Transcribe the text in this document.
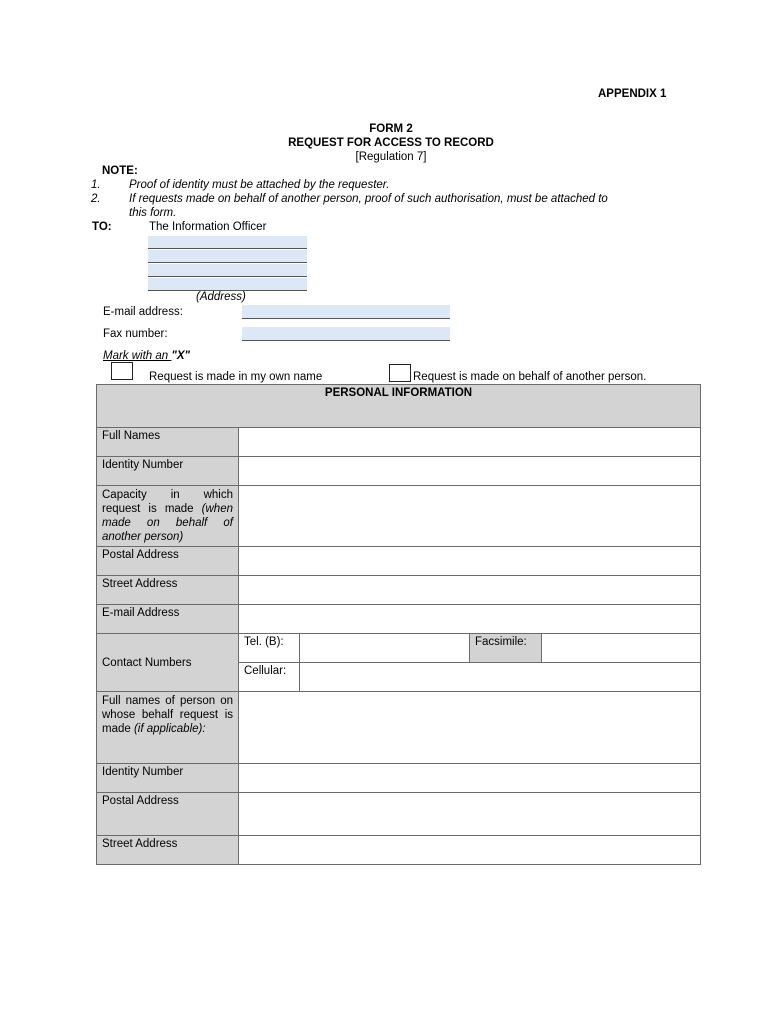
APPENDIX 1
FORM 2
REQUEST FOR ACCESS TO RECORD
[Regulation 7]
NOTE:
1. Proof of identity must be attached by the requester.
2. If requests made on behalf of another person, proof of such authorisation, must be attached to
this form.
TO:	The Information Officer
(Address)
E-mail address:
Fax number:
Mark with an "X"
Request is made in my own name	Request is made on behalf of another person.
PERSONAL INFORMATION				
Full Names				
Identity Number				
Capacity in which request is made (when made on behalf of another person)				
Postal Address				
Street Address				
E-mail Address				
Contact Numbers	Tel. (B):		Facsimile:	
	Cellular:			
Full names of person on whose behalf request is made (if applicable):				
Identity Number				
Postal Address				
Street Address				
